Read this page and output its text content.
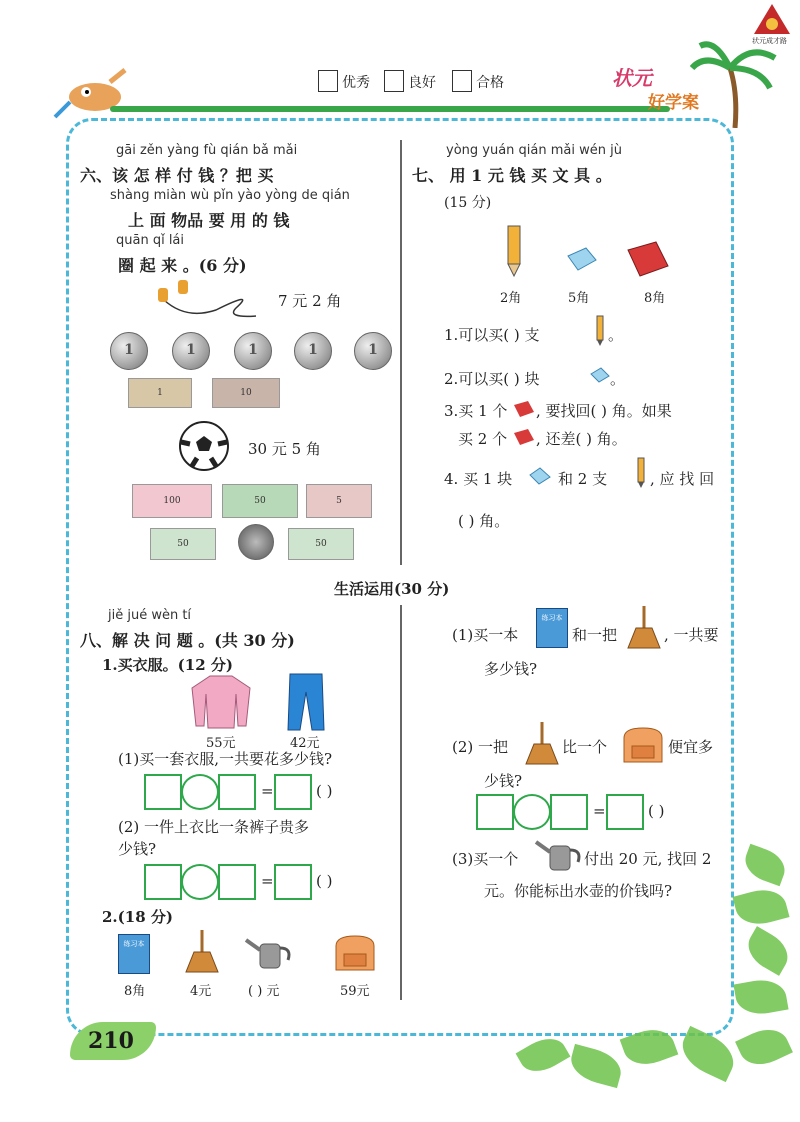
优秀	良好	合格	状元
好学案
状元成才路
gāi zěn yàng fù qián bǎ mǎi
六、该 怎 样 付 钱 ？把 买
shàng miàn wù pǐn yào yòng de qián
上 面 物品 要 用 的 钱
quān qǐ lái
圈 起 来 。(6 分)
7 元 2 角
1	1	1	1	1
1	10
30 元 5 角
100	50	5
50	50
yòng yuán qián mǎi wén jù
七、 用 1 元 钱 买 文 具 。
(15 分)
2角	5角	8角
1.可以买( ) 支	。
2.可以买( ) 块	。
3.买 1 个 , 要找回( ) 角。如果
买 2 个 , 还差( ) 角。
4. 买 1 块	和 2 支	, 应 找 回
( ) 角。
生活运用(30 分)
jiě jué wèn tí
八、解 决 问 题 。(共 30 分)
1.买衣服。(12 分)
55元	42元
(1)买一套衣服,一共要花多少钱?
=	( )
(2) 一件上衣比一条裤子贵多
少钱?
=	( )
2.(18 分)
练习本
8角	4元	( ) 元	59元
(1)买一本
练习本
和一把	, 一共要
多少钱?
(2) 一把	比一个	便宜多
少钱?
=	( )
(3)买一个	付出 20 元, 找回 2
元。你能标出水壶的价钱吗?
210
